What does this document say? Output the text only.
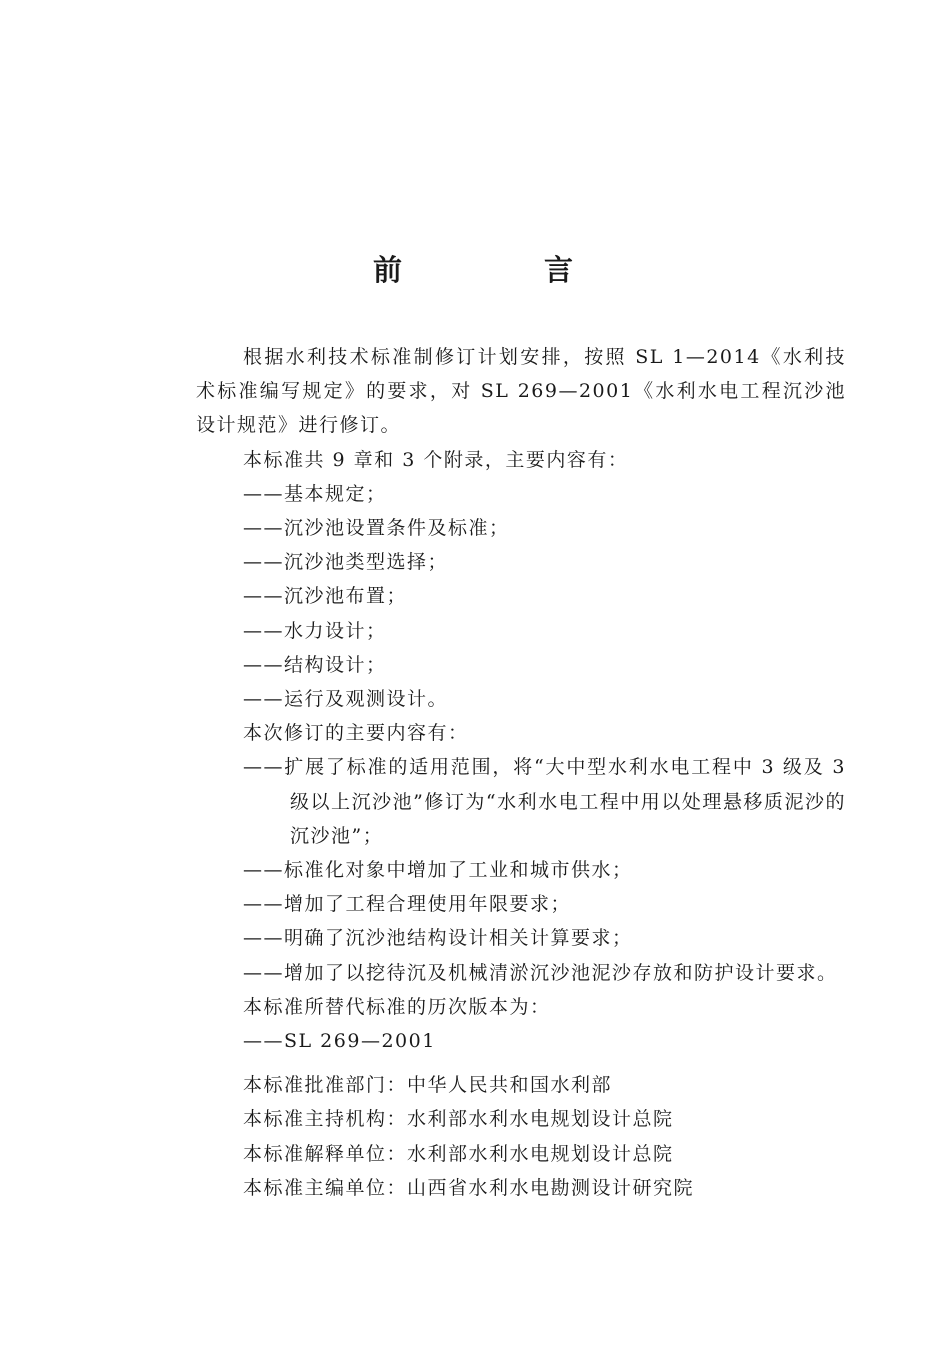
前 言

根据水利技术标准制修订计划安排，按照 SL 1—2014《水利技术标准编写规定》的要求，对 SL 269—2001《水利水电工程沉沙池设计规范》进行修订。

本标准共 9 章和 3 个附录，主要内容有：

——基本规定；

——沉沙池设置条件及标准；

——沉沙池类型选择；

——沉沙池布置；

——水力设计；

——结构设计；

——运行及观测设计。

本次修订的主要内容有：

——扩展了标准的适用范围，将“大中型水利水电工程中 3 级及 3 级以上沉沙池”修订为“水利水电工程中用以处理悬移质泥沙的沉沙池”；

——标准化对象中增加了工业和城市供水；

——增加了工程合理使用年限要求；

——明确了沉沙池结构设计相关计算要求；

——增加了以挖待沉及机械清淤沉沙池泥沙存放和防护设计要求。

本标准所替代标准的历次版本为：

——SL 269—2001

本标准批准部门：中华人民共和国水利部

本标准主持机构：水利部水利水电规划设计总院

本标准解释单位：水利部水利水电规划设计总院

本标准主编单位：山西省水利水电勘测设计研究院
